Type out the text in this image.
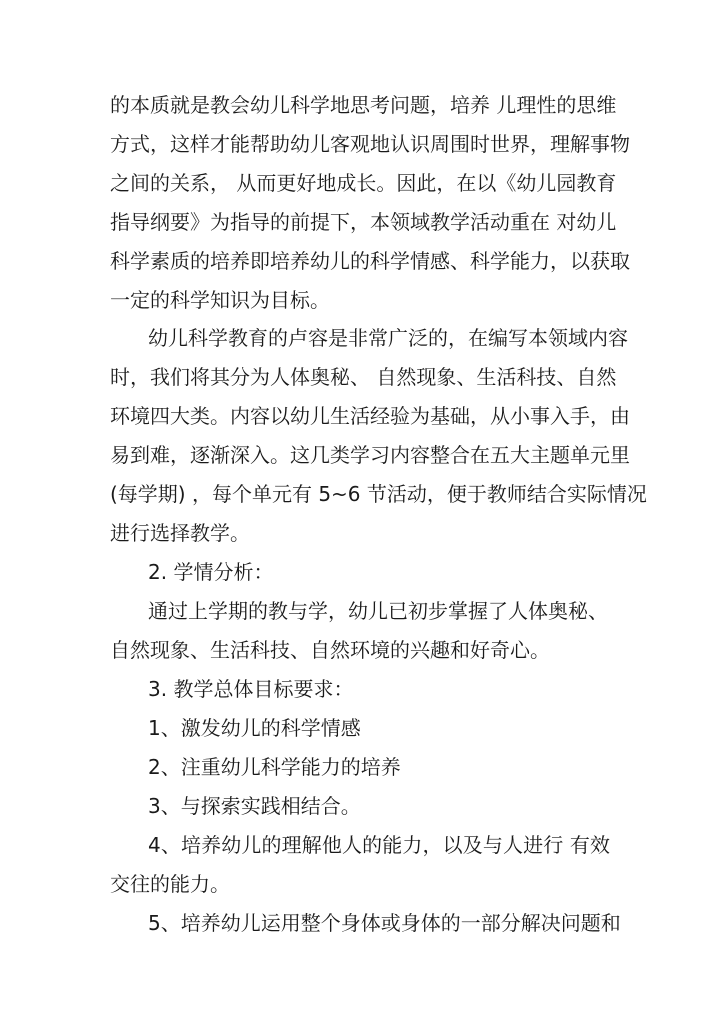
的本质就是教会幼儿科学地思考问题，培养 儿理性的思维
方式，这样才能帮助幼儿客观地认识周围时世界，理解事物
之间的关系， 从而更好地成长。因此，在以《幼儿园教育
指导纲要》为指导的前提下，本领域教学活动重在 对幼儿
科学素质的培养即培养幼儿的科学情感、科学能力，以获取
一定的科学知识为目标。
幼儿科学教育的卢容是非常广泛的，在编写本领域内容
时，我们将其分为人体奥秘、 自然现象、生活科技、自然
环境四大类。内容以幼儿生活经验为基础，从小事入手，由
易到难，逐渐深入。这几类学习内容整合在五大主题单元里
(每学期) ，每个单元有 5~6 节活动，便于教师结合实际情况
进行选择教学。
2. 学情分析：
通过上学期的教与学，幼儿已初步掌握了人体奥秘、
自然现象、生活科技、自然环境的兴趣和好奇心。
3. 教学总体目标要求：
1、激发幼儿的科学情感
2、注重幼儿科学能力的培养
3、与探索实践相结合。
4、培养幼儿的理解他人的能力，以及与人进行 有效
交往的能力。
5、培养幼儿运用整个身体或身体的一部分解决问题和
